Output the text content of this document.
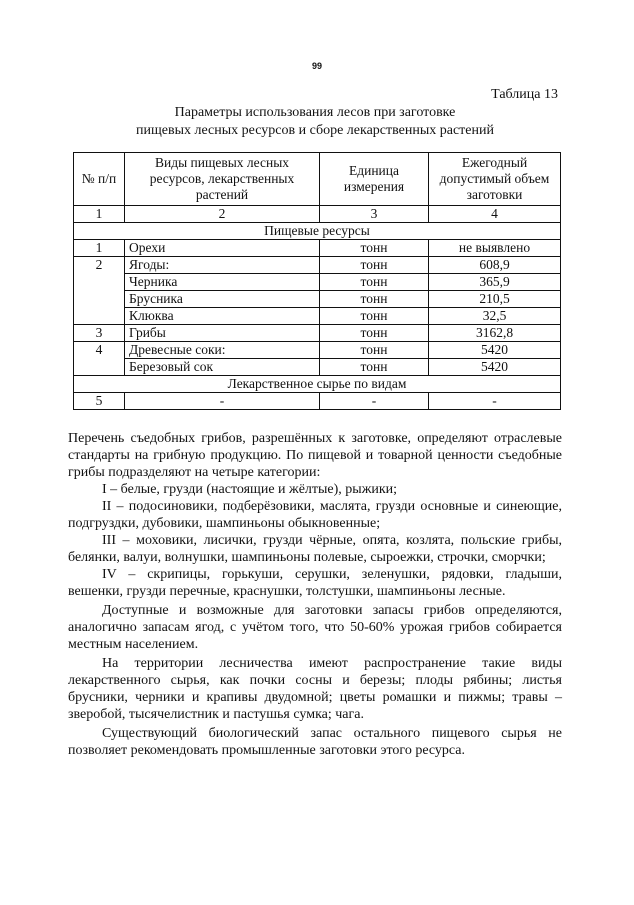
99
Таблица 13
Параметры использования лесов при заготовке
пищевых лесных ресурсов и сборе лекарственных растений
№ п/п	Виды пищевых лесных ресурсов, лекарственных растений	Единица измерения	Ежегодный допустимый объем заготовки
1	2	3	4
Пищевые ресурсы			
1	Орехи	тонн	не выявлено
2	Ягоды:	тонн	608,9
	Черника	тонн	365,9
	Брусника	тонн	210,5
	Клюква	тонн	32,5
3	Грибы	тонн	3162,8
4	Древесные соки:	тонн	5420
	Березовый сок	тонн	5420
Лекарственное сырье по видам			
5	-	-	-

Перечень съедобных грибов, разрешённых к заготовке, определяют отраслевые стандарты на грибную продукцию. По пищевой и товарной ценности съедобные грибы подразделяют на четыре категории:

I – белые, грузди (настоящие и жёлтые), рыжики;

II – подосиновики, подберёзовики, маслята, грузди основные и синеющие, подгруздки, дубовики, шампиньоны обыкновенные;

III – моховики, лисички, грузди чёрные, опята, козлята, польские грибы, белянки, валуи, волнушки, шампиньоны полевые, сыроежки, строчки, сморчки;

IV – скрипицы, горькуши, серушки, зеленушки, рядовки, гладыши, вешенки, грузди перечные, краснушки, толстушки, шампиньоны лесные.

Доступные и возможные для заготовки запасы грибов определяются, аналогично запасам ягод, с учётом того, что 50-60% урожая грибов собирается местным населением.

На территории лесничества имеют распространение такие виды лекарственного сырья, как почки сосны и березы; плоды рябины; листья брусники, черники и крапивы двудомной; цветы ромашки и пижмы; травы – зверобой, тысячелистник и пастушья сумка; чага.

Существующий биологический запас остального пищевого сырья не позволяет рекомендовать промышленные заготовки этого ресурса.
